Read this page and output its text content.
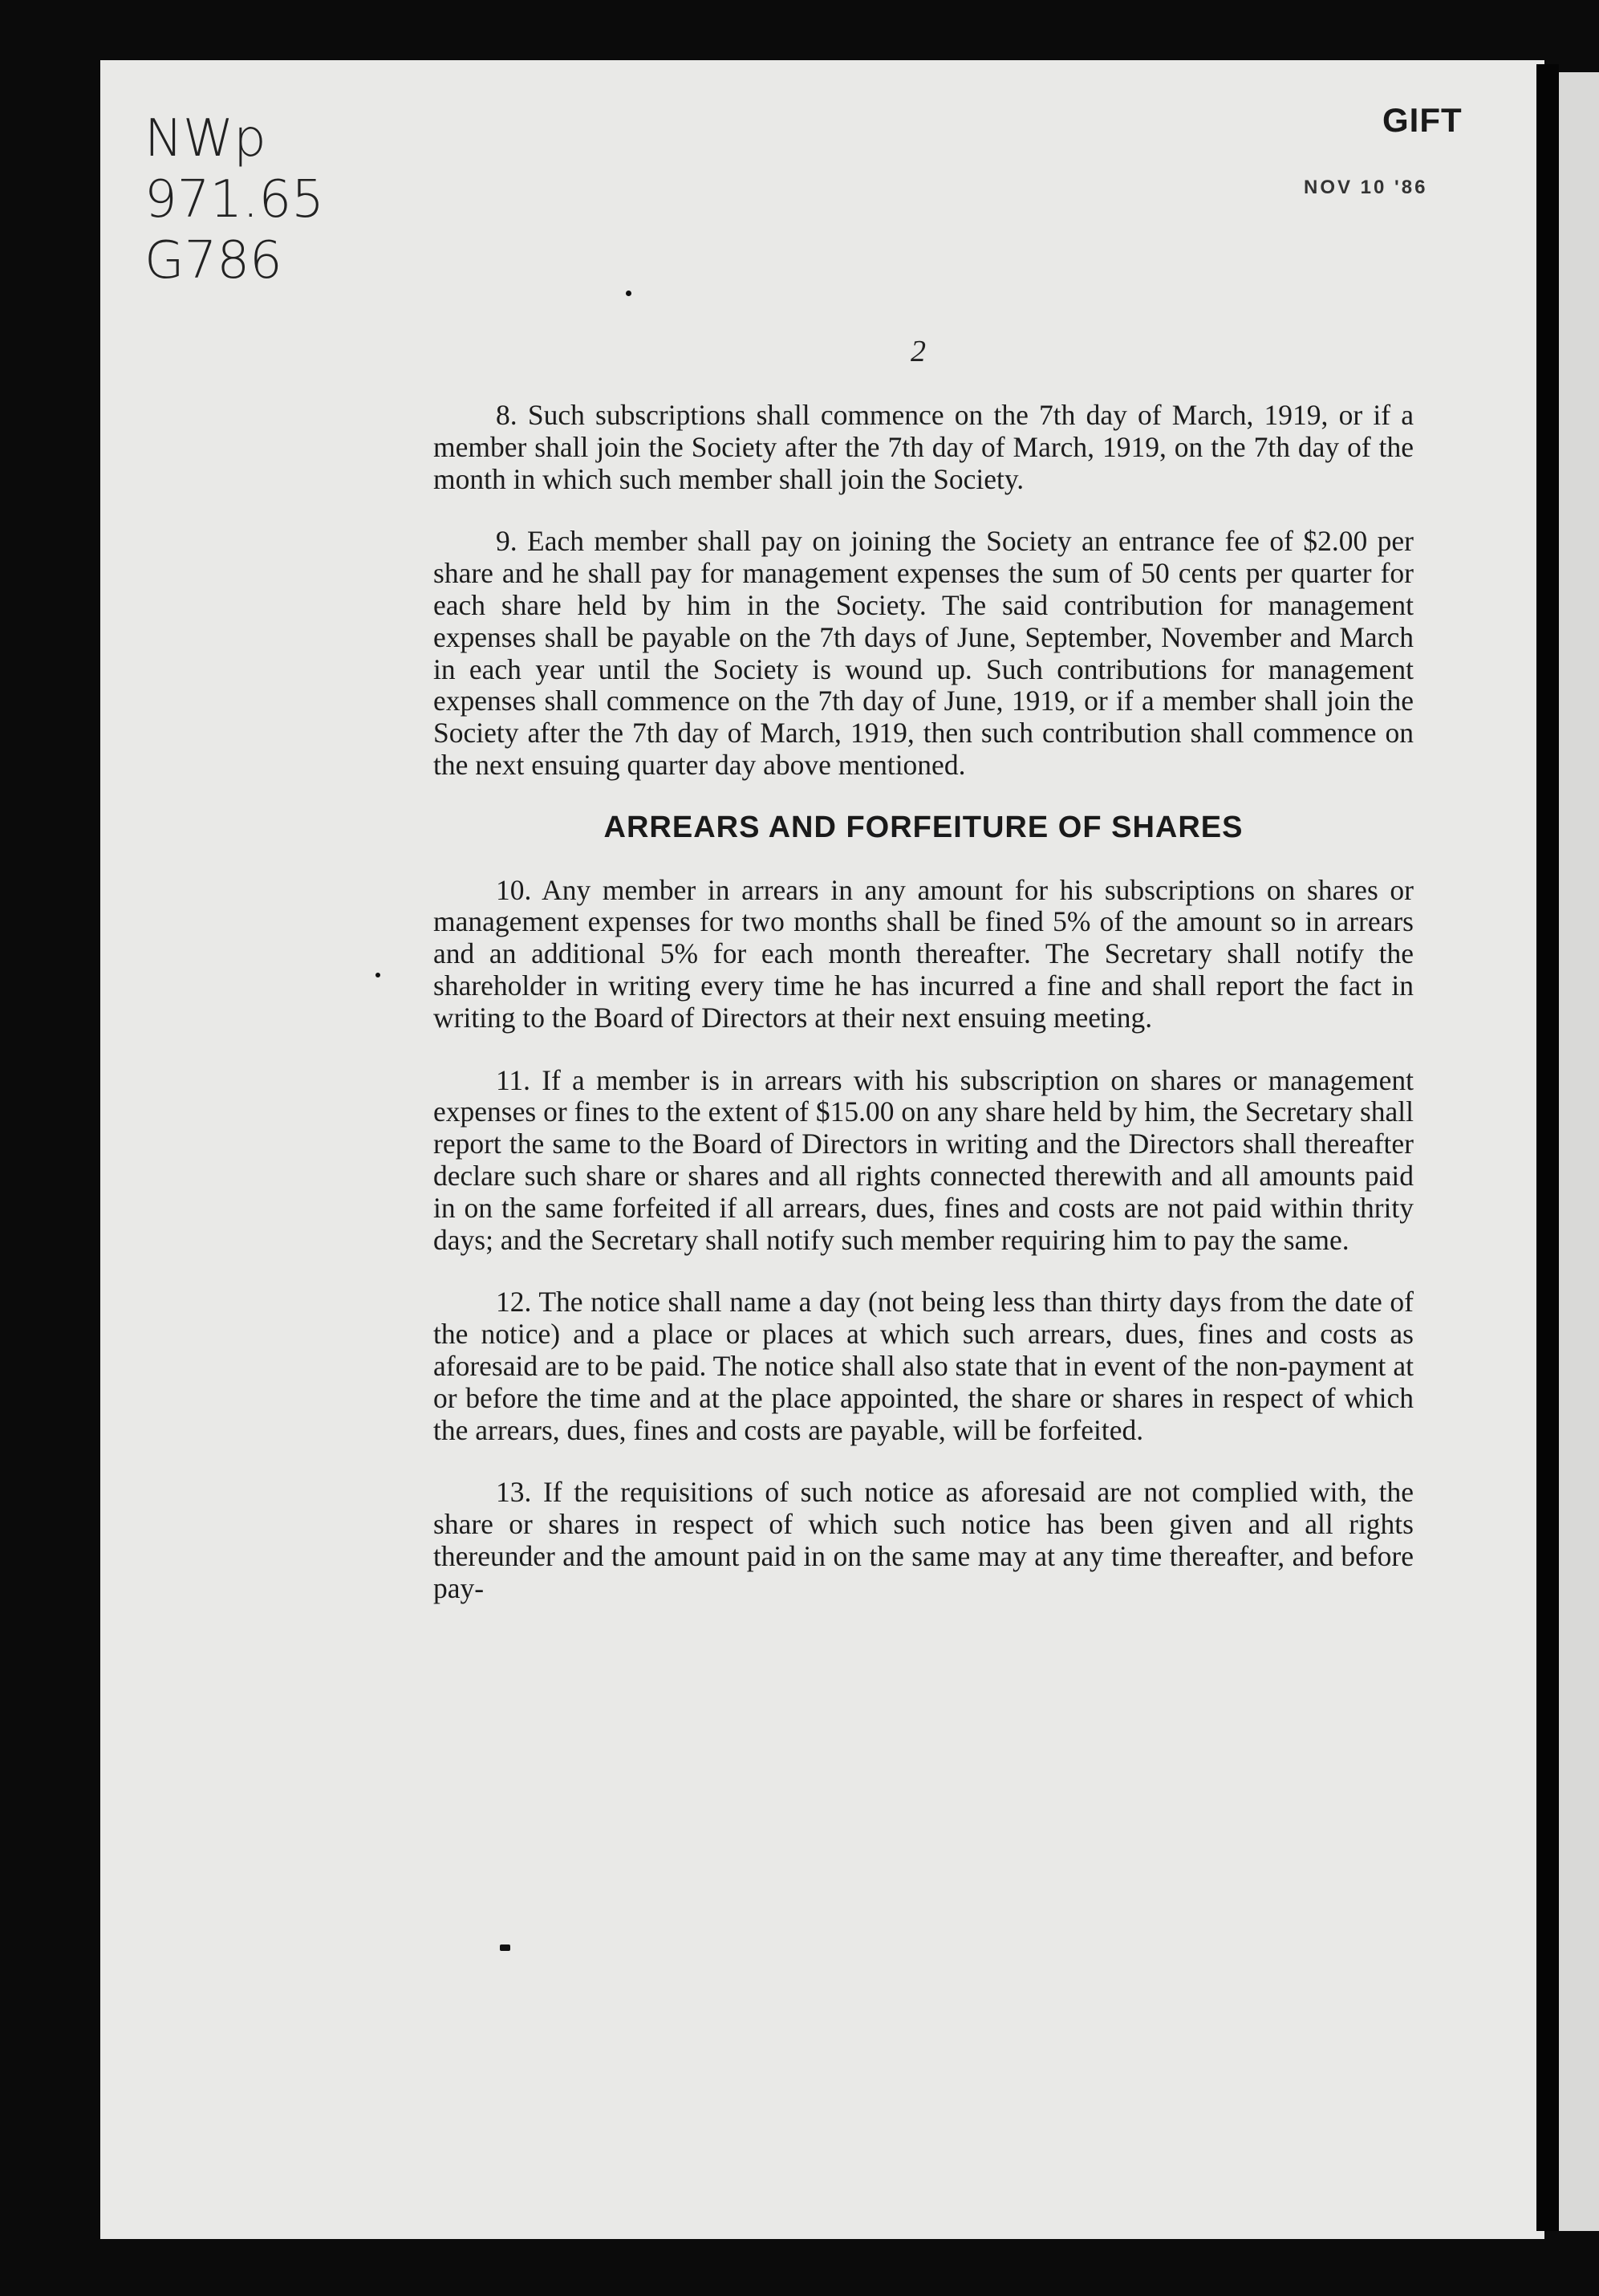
NWp
971.65
G786
GIFT
NOV 10 '86
2

8. Such subscriptions shall commence on the 7th day of March, 1919, or if a member shall join the Society after the 7th day of March, 1919, on the 7th day of the month in which such member shall join the Society.

9. Each member shall pay on joining the Society an entrance fee of $2.00 per share and he shall pay for management expenses the sum of 50 cents per quarter for each share held by him in the Society. The said contribution for management expenses shall be payable on the 7th days of June, September, November and March in each year until the Society is wound up. Such contributions for management expenses shall commence on the 7th day of June, 1919, or if a member shall join the Society after the 7th day of March, 1919, then such contribution shall commence on the next ensuing quarter day above mentioned.

ARREARS AND FORFEITURE OF SHARES

10. Any member in arrears in any amount for his subscriptions on shares or management expenses for two months shall be fined 5% of the amount so in arrears and an additional 5% for each month thereafter. The Secretary shall notify the shareholder in writing every time he has incurred a fine and shall report the fact in writing to the Board of Directors at their next ensuing meeting.

11. If a member is in arrears with his subscription on shares or management expenses or fines to the extent of $15.00 on any share held by him, the Secretary shall report the same to the Board of Directors in writing and the Directors shall thereafter declare such share or shares and all rights connected therewith and all amounts paid in on the same forfeited if all arrears, dues, fines and costs are not paid within thrity days; and the Secretary shall notify such member requiring him to pay the same.

12. The notice shall name a day (not being less than thirty days from the date of the notice) and a place or places at which such arrears, dues, fines and costs as aforesaid are to be paid. The notice shall also state that in event of the non-payment at or before the time and at the place appointed, the share or shares in respect of which the arrears, dues, fines and costs are payable, will be forfeited.

13. If the requisitions of such notice as aforesaid are not complied with, the share or shares in respect of which such notice has been given and all rights thereunder and the amount paid in on the same may at any time thereafter, and before pay-
